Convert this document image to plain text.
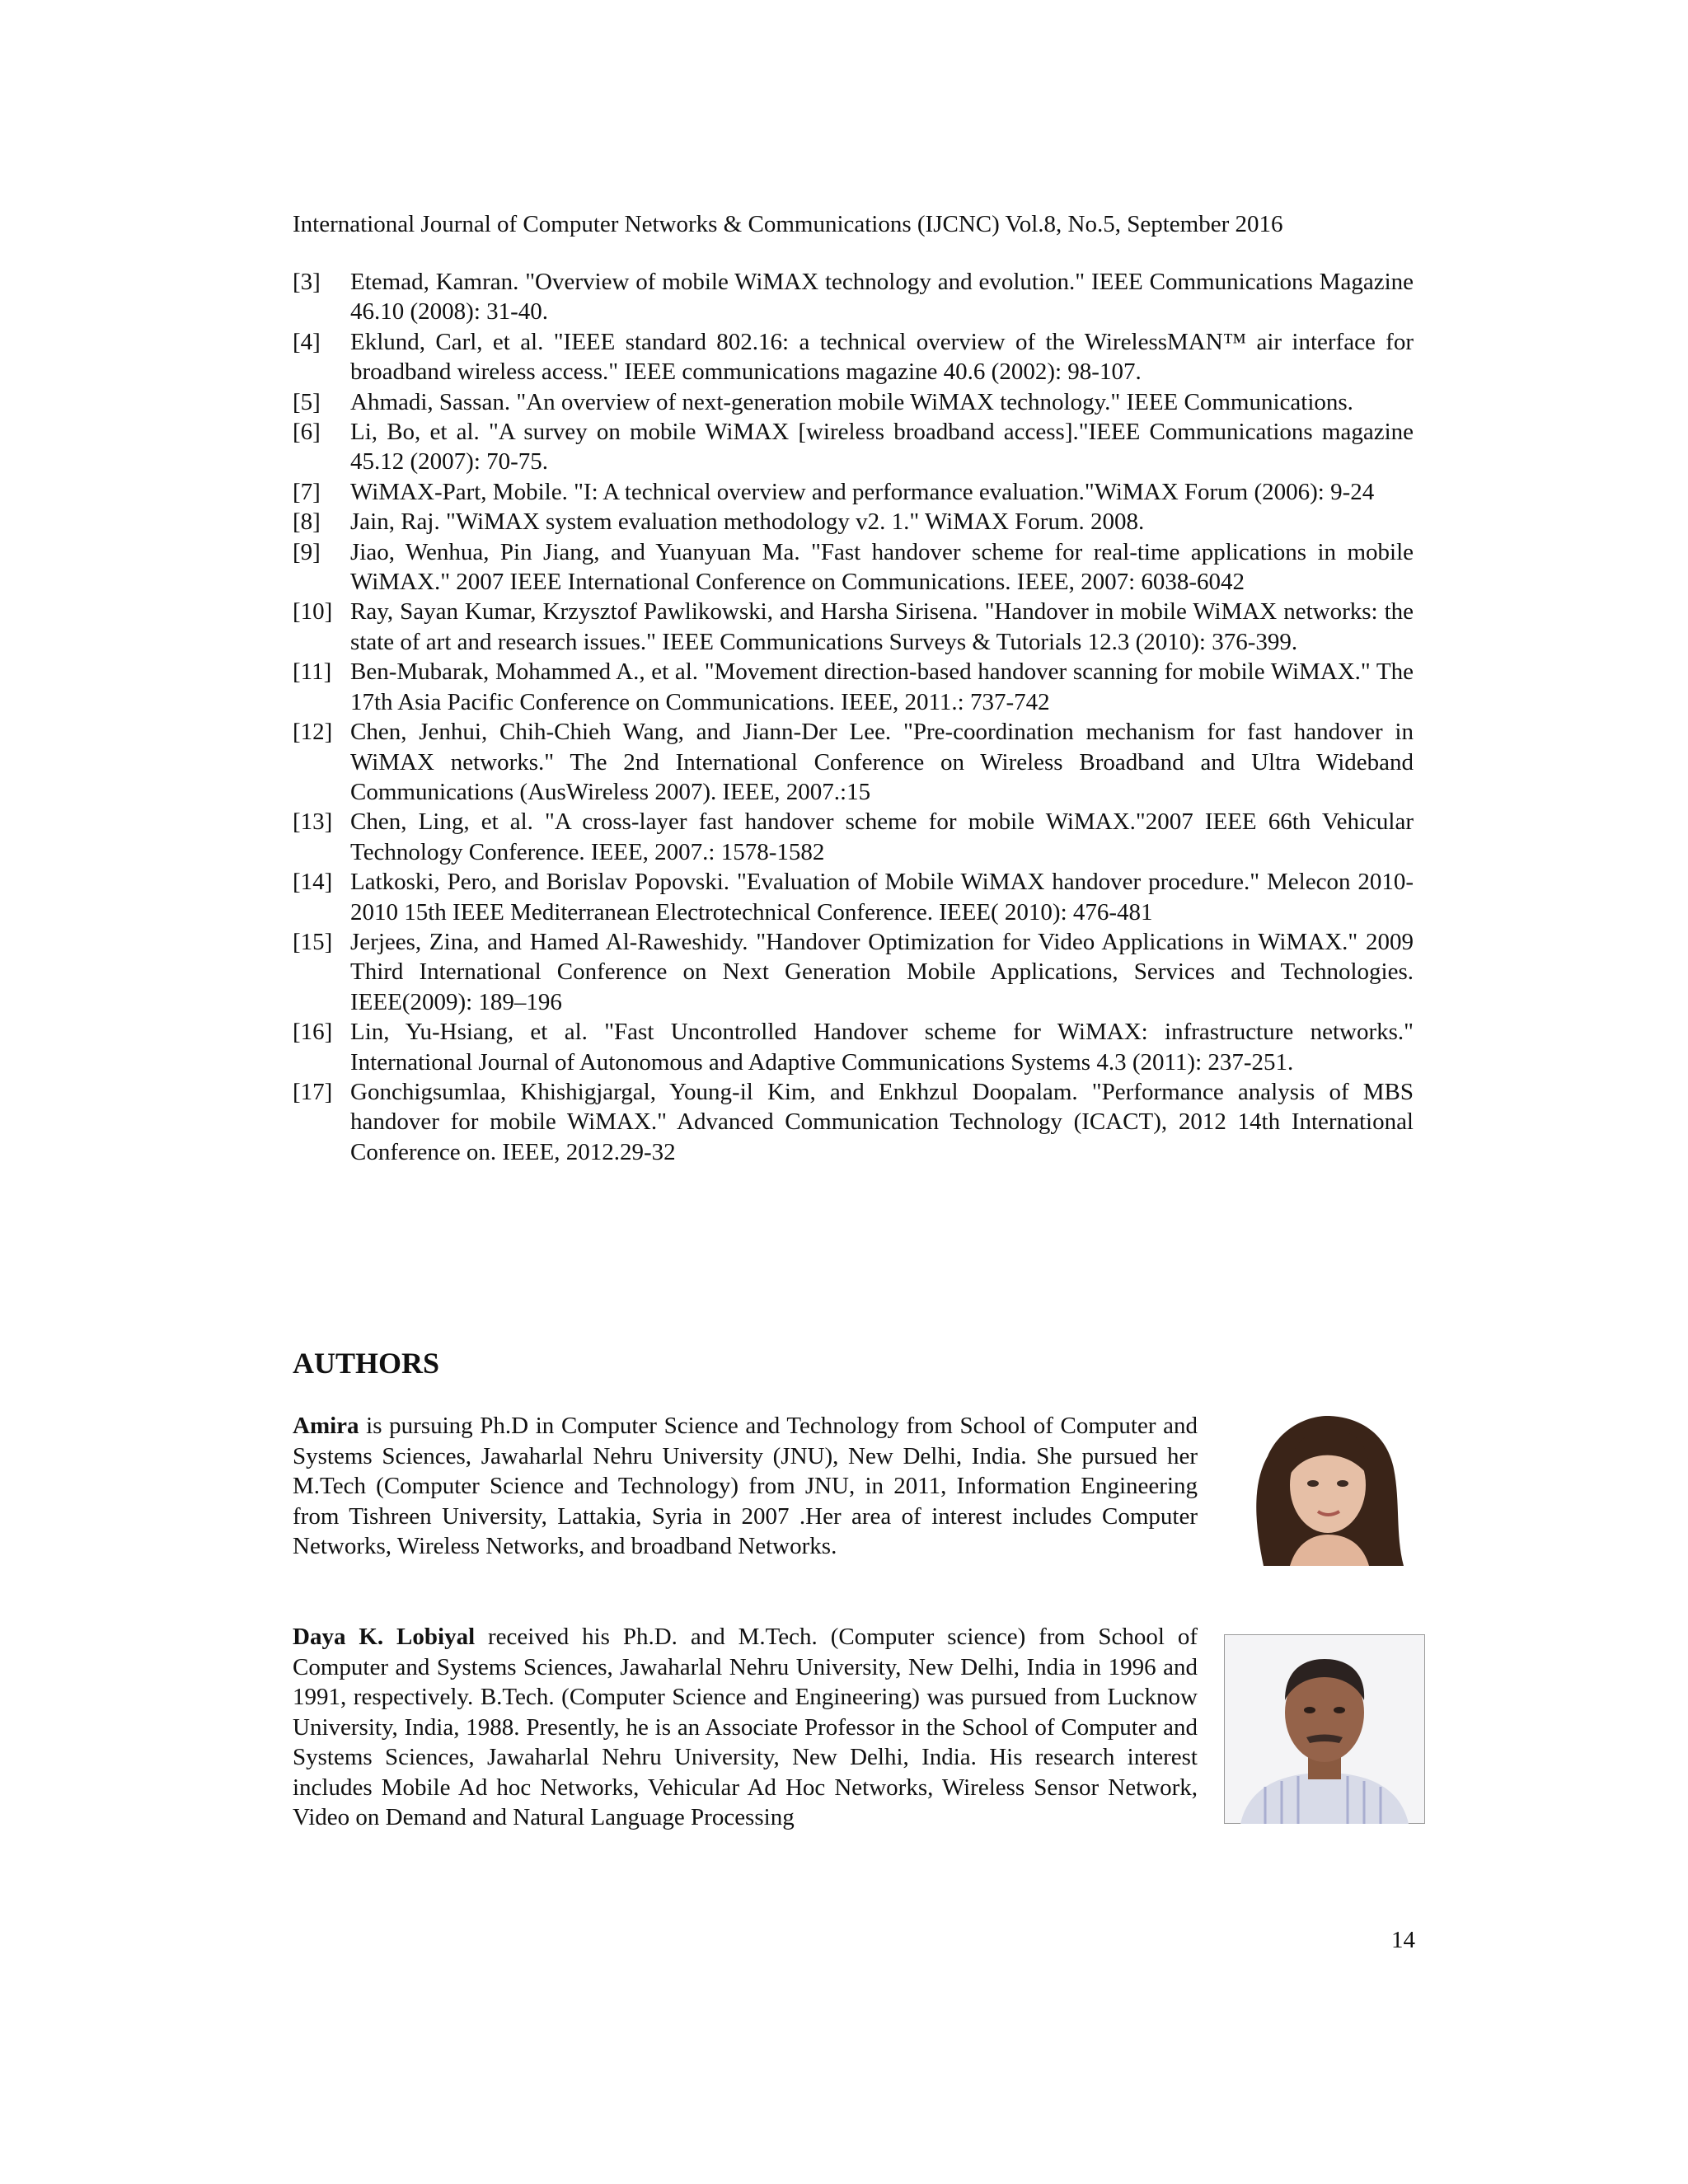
International Journal of Computer Networks & Communications (IJCNC) Vol.8, No.5, September 2016
[3] Etemad, Kamran. "Overview of mobile WiMAX technology and evolution." IEEE Communications Magazine 46.10 (2008): 31-40.
[4] Eklund, Carl, et al. "IEEE standard 802.16: a technical overview of the WirelessMAN™ air interface for broadband wireless access." IEEE communications magazine 40.6 (2002): 98-107.
[5] Ahmadi, Sassan. "An overview of next-generation mobile WiMAX technology." IEEE Communications.
[6] Li, Bo, et al. "A survey on mobile WiMAX [wireless broadband access]."IEEE Communications magazine 45.12 (2007): 70-75.
[7] WiMAX-Part, Mobile. "I: A technical overview and performance evaluation."WiMAX Forum (2006): 9-24
[8] Jain, Raj. "WiMAX system evaluation methodology v2. 1." WiMAX Forum. 2008.
[9] Jiao, Wenhua, Pin Jiang, and Yuanyuan Ma. "Fast handover scheme for real-time applications in mobile WiMAX." 2007 IEEE International Conference on Communications. IEEE, 2007: 6038-6042
[10] Ray, Sayan Kumar, Krzysztof Pawlikowski, and Harsha Sirisena. "Handover in mobile WiMAX networks: the state of art and research issues." IEEE Communications Surveys & Tutorials 12.3 (2010): 376-399.
[11] Ben-Mubarak, Mohammed A., et al. "Movement direction-based handover scanning for mobile WiMAX." The 17th Asia Pacific Conference on Communications. IEEE, 2011.: 737-742
[12] Chen, Jenhui, Chih-Chieh Wang, and Jiann-Der Lee. "Pre-coordination mechanism for fast handover in WiMAX networks." The 2nd International Conference on Wireless Broadband and Ultra Wideband Communications (AusWireless 2007). IEEE, 2007.:15
[13] Chen, Ling, et al. "A cross-layer fast handover scheme for mobile WiMAX."2007 IEEE 66th Vehicular Technology Conference. IEEE, 2007.: 1578-1582
[14] Latkoski, Pero, and Borislav Popovski. "Evaluation of Mobile WiMAX handover procedure." Melecon 2010-2010 15th IEEE Mediterranean Electrotechnical Conference. IEEE( 2010): 476-481
[15] Jerjees, Zina, and Hamed Al-Raweshidy. "Handover Optimization for Video Applications in WiMAX." 2009 Third International Conference on Next Generation Mobile Applications, Services and Technologies. IEEE(2009): 189–196
[16] Lin, Yu-Hsiang, et al. "Fast Uncontrolled Handover scheme for WiMAX: infrastructure networks." International Journal of Autonomous and Adaptive Communications Systems 4.3 (2011): 237-251.
[17] Gonchigsumlaa, Khishigjargal, Young-il Kim, and Enkhzul Doopalam. "Performance analysis of MBS handover for mobile WiMAX." Advanced Communication Technology (ICACT), 2012 14th International Conference on. IEEE, 2012.29-32
AUTHORS
Amira is pursuing Ph.D in Computer Science and Technology from School of Computer and Systems Sciences, Jawaharlal Nehru University (JNU), New Delhi, India. She pursued her M.Tech (Computer Science and Technology) from JNU, in 2011, Information Engineering from Tishreen University, Lattakia, Syria in 2007 .Her area of interest includes Computer Networks, Wireless Networks, and broadband Networks.
Daya K. Lobiyal received his Ph.D. and M.Tech. (Computer science) from School of Computer and Systems Sciences, Jawaharlal Nehru University, New Delhi, India in 1996 and 1991, respectively. B.Tech. (Computer Science and Engineering) was pursued from Lucknow University, India, 1988. Presently, he is an Associate Professor in the School of Computer and Systems Sciences, Jawaharlal Nehru University, New Delhi, India. His research interest includes Mobile Ad hoc Networks, Vehicular Ad Hoc Networks, Wireless Sensor Network, Video on Demand and Natural Language Processing
14
